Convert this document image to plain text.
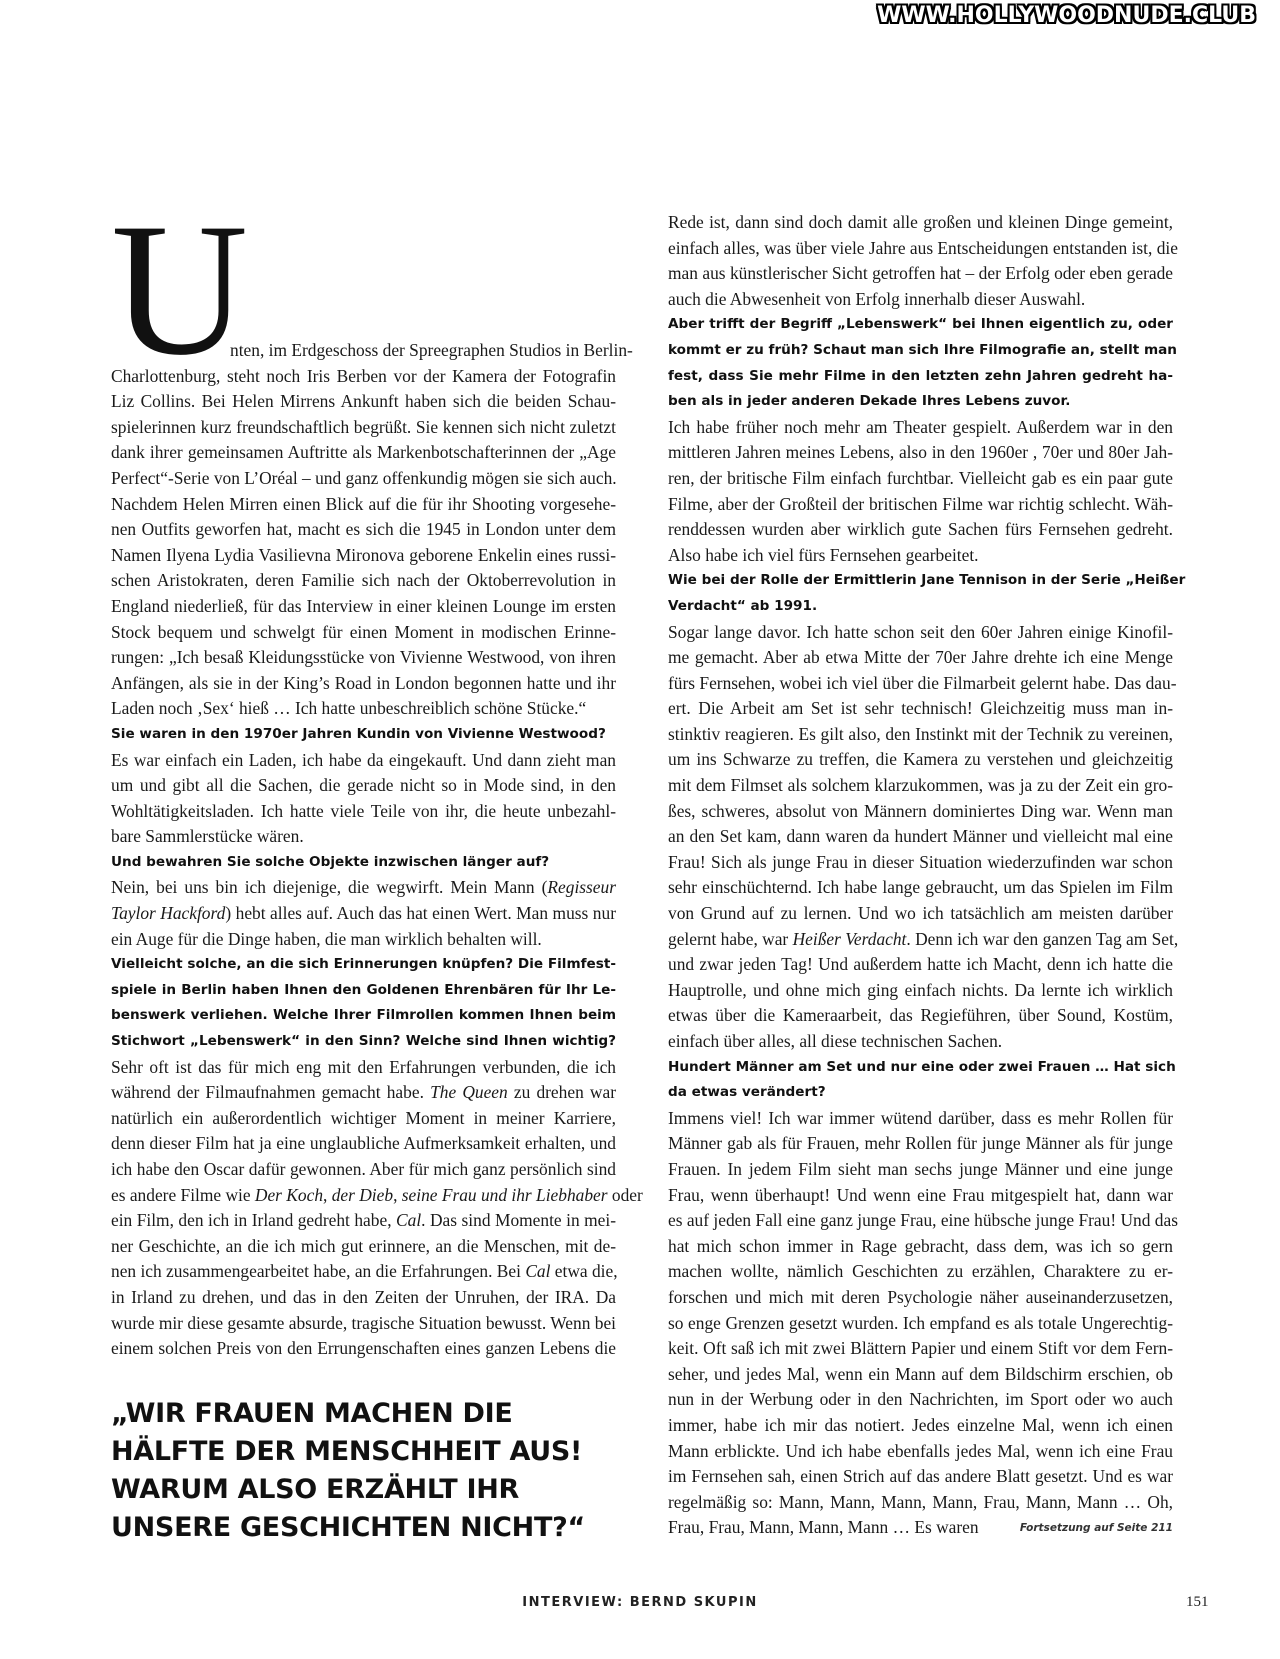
WWW.HOLLYWOODNUDE.CLUB
U
nten, im Erdgeschoss der Spreegraphen Studios in Berlin-
Charlottenburg, steht noch Iris Berben vor der Kamera der Fotografin
Liz Collins. Bei Helen Mirrens Ankunft haben sich die beiden Schau-
spielerinnen kurz freundschaftlich begrüßt. Sie kennen sich nicht zuletzt
dank ihrer gemeinsamen Auftritte als Markenbotschafterinnen der „Age
Perfect“-Serie von L’Oréal – und ganz offenkundig mögen sie sich auch.
Nachdem Helen Mirren einen Blick auf die für ihr Shooting vorgesehe-
nen Outfits geworfen hat, macht es sich die 1945 in London unter dem
Namen Ilyena Lydia Vasilievna Mironova geborene Enkelin eines russi-
schen Aristokraten, deren Familie sich nach der Oktoberrevolution in
England niederließ, für das Interview in einer kleinen Lounge im ersten
Stock bequem und schwelgt für einen Moment in modischen Erinne-
rungen: „Ich besaß Kleidungsstücke von Vivienne Westwood, von ihren
Anfängen, als sie in der King’s Road in London begonnen hatte und ihr
Laden noch ‚Sex‘ hieß … Ich hatte unbeschreiblich schöne Stücke.“
Sie waren in den 1970er Jahren Kundin von Vivienne Westwood?
Es war einfach ein Laden, ich habe da eingekauft. Und dann zieht man
um und gibt all die Sachen, die gerade nicht so in Mode sind, in den
Wohltätigkeitsladen. Ich hatte viele Teile von ihr, die heute unbezahl-
bare Sammlerstücke wären.
Und bewahren Sie solche Objekte inzwischen länger auf?
Nein, bei uns bin ich diejenige, die wegwirft. Mein Mann (Regisseur
Taylor Hackford) hebt alles auf. Auch das hat einen Wert. Man muss nur
ein Auge für die Dinge haben, die man wirklich behalten will.
Vielleicht solche, an die sich Erinnerungen knüpfen? Die Filmfest-
spiele in Berlin haben Ihnen den Goldenen Ehrenbären für Ihr Le-
benswerk verliehen. Welche Ihrer Filmrollen kommen Ihnen beim
Stichwort „Lebenswerk“ in den Sinn? Welche sind Ihnen wichtig?
Sehr oft ist das für mich eng mit den Erfahrungen verbunden, die ich
während der Filmaufnahmen gemacht habe. The Queen zu drehen war
natürlich ein außerordentlich wichtiger Moment in meiner Karriere,
denn dieser Film hat ja eine unglaubliche Aufmerksamkeit erhalten, und
ich habe den Oscar dafür gewonnen. Aber für mich ganz persönlich sind
es andere Filme wie Der Koch, der Dieb, seine Frau und ihr Liebhaber oder
ein Film, den ich in Irland gedreht habe, Cal. Das sind Momente in mei-
ner Geschichte, an die ich mich gut erinnere, an die Menschen, mit de-
nen ich zusammengearbeitet habe, an die Erfahrungen. Bei Cal etwa die,
in Irland zu drehen, und das in den Zeiten der Unruhen, der IRA. Da
wurde mir diese gesamte absurde, tragische Situation bewusst. Wenn bei
einem solchen Preis von den Errungenschaften eines ganzen Lebens die
Rede ist, dann sind doch damit alle großen und kleinen Dinge gemeint,
einfach alles, was über viele Jahre aus Entscheidungen entstanden ist, die
man aus künstlerischer Sicht getroffen hat – der Erfolg oder eben gerade
auch die Abwesenheit von Erfolg innerhalb dieser Auswahl.
Aber trifft der Begriff „Lebenswerk“ bei Ihnen eigentlich zu, oder
kommt er zu früh? Schaut man sich Ihre Filmografie an, stellt man
fest, dass Sie mehr Filme in den letzten zehn Jahren gedreht ha-
ben als in jeder anderen Dekade Ihres Lebens zuvor.
Ich habe früher noch mehr am Theater gespielt. Außerdem war in den
mittleren Jahren meines Lebens, also in den 1960er , 70er und 80er Jah-
ren, der britische Film einfach furchtbar. Vielleicht gab es ein paar gute
Filme, aber der Großteil der britischen Filme war richtig schlecht. Wäh-
renddessen wurden aber wirklich gute Sachen fürs Fernsehen gedreht.
Also habe ich viel fürs Fernsehen gearbeitet.
Wie bei der Rolle der Ermittlerin Jane Tennison in der Serie „Heißer
Verdacht“ ab 1991.
Sogar lange davor. Ich hatte schon seit den 60er Jahren einige Kinofil-
me gemacht. Aber ab etwa Mitte der 70er Jahre drehte ich eine Menge
fürs Fernsehen, wobei ich viel über die Filmarbeit gelernt habe. Das dau-
ert. Die Arbeit am Set ist sehr technisch! Gleichzeitig muss man in-
stinktiv reagieren. Es gilt also, den Instinkt mit der Technik zu vereinen,
um ins Schwarze zu treffen, die Kamera zu verstehen und gleichzeitig
mit dem Filmset als solchem klarzukommen, was ja zu der Zeit ein gro-
ßes, schweres, absolut von Männern dominiertes Ding war. Wenn man
an den Set kam, dann waren da hundert Männer und vielleicht mal eine
Frau! Sich als junge Frau in dieser Situation wiederzufinden war schon
sehr einschüchternd. Ich habe lange gebraucht, um das Spielen im Film
von Grund auf zu lernen. Und wo ich tatsächlich am meisten darüber
gelernt habe, war Heißer Verdacht. Denn ich war den ganzen Tag am Set,
und zwar jeden Tag! Und außerdem hatte ich Macht, denn ich hatte die
Hauptrolle, und ohne mich ging einfach nichts. Da lernte ich wirklich
etwas über die Kameraarbeit, das Regieführen, über Sound, Kostüm,
einfach über alles, all diese technischen Sachen.
Hundert Männer am Set und nur eine oder zwei Frauen … Hat sich
da etwas verändert?
Immens viel! Ich war immer wütend darüber, dass es mehr Rollen für
Männer gab als für Frauen, mehr Rollen für junge Männer als für junge
Frauen. In jedem Film sieht man sechs junge Männer und eine junge
Frau, wenn überhaupt! Und wenn eine Frau mitgespielt hat, dann war
es auf jeden Fall eine ganz junge Frau, eine hübsche junge Frau! Und das
hat mich schon immer in Rage gebracht, dass dem, was ich so gern
machen wollte, nämlich Geschichten zu erzählen, Charaktere zu er-
forschen und mich mit deren Psychologie näher auseinanderzusetzen,
so enge Grenzen gesetzt wurden. Ich empfand es als totale Ungerechtig-
keit. Oft saß ich mit zwei Blättern Papier und einem Stift vor dem Fern-
seher, und jedes Mal, wenn ein Mann auf dem Bildschirm erschien, ob
nun in der Werbung oder in den Nachrichten, im Sport oder wo auch
immer, habe ich mir das notiert. Jedes einzelne Mal, wenn ich einen
Mann erblickte. Und ich habe ebenfalls jedes Mal, wenn ich eine Frau
im Fernsehen sah, einen Strich auf das andere Blatt gesetzt. Und es war
regelmäßig so: Mann, Mann, Mann, Mann, Frau, Mann, Mann … Oh,
Frau, Frau, Mann, Mann, Mann … Es waren	Fortsetzung auf Seite 211
„WIR FRAUEN MACHEN DIE
HÄLFTE DER MENSCHHEIT AUS!
WARUM ALSO ERZÄHLT IHR
UNSERE GESCHICHTEN NICHT?“
INTERVIEW: BERND SKUPIN	151
